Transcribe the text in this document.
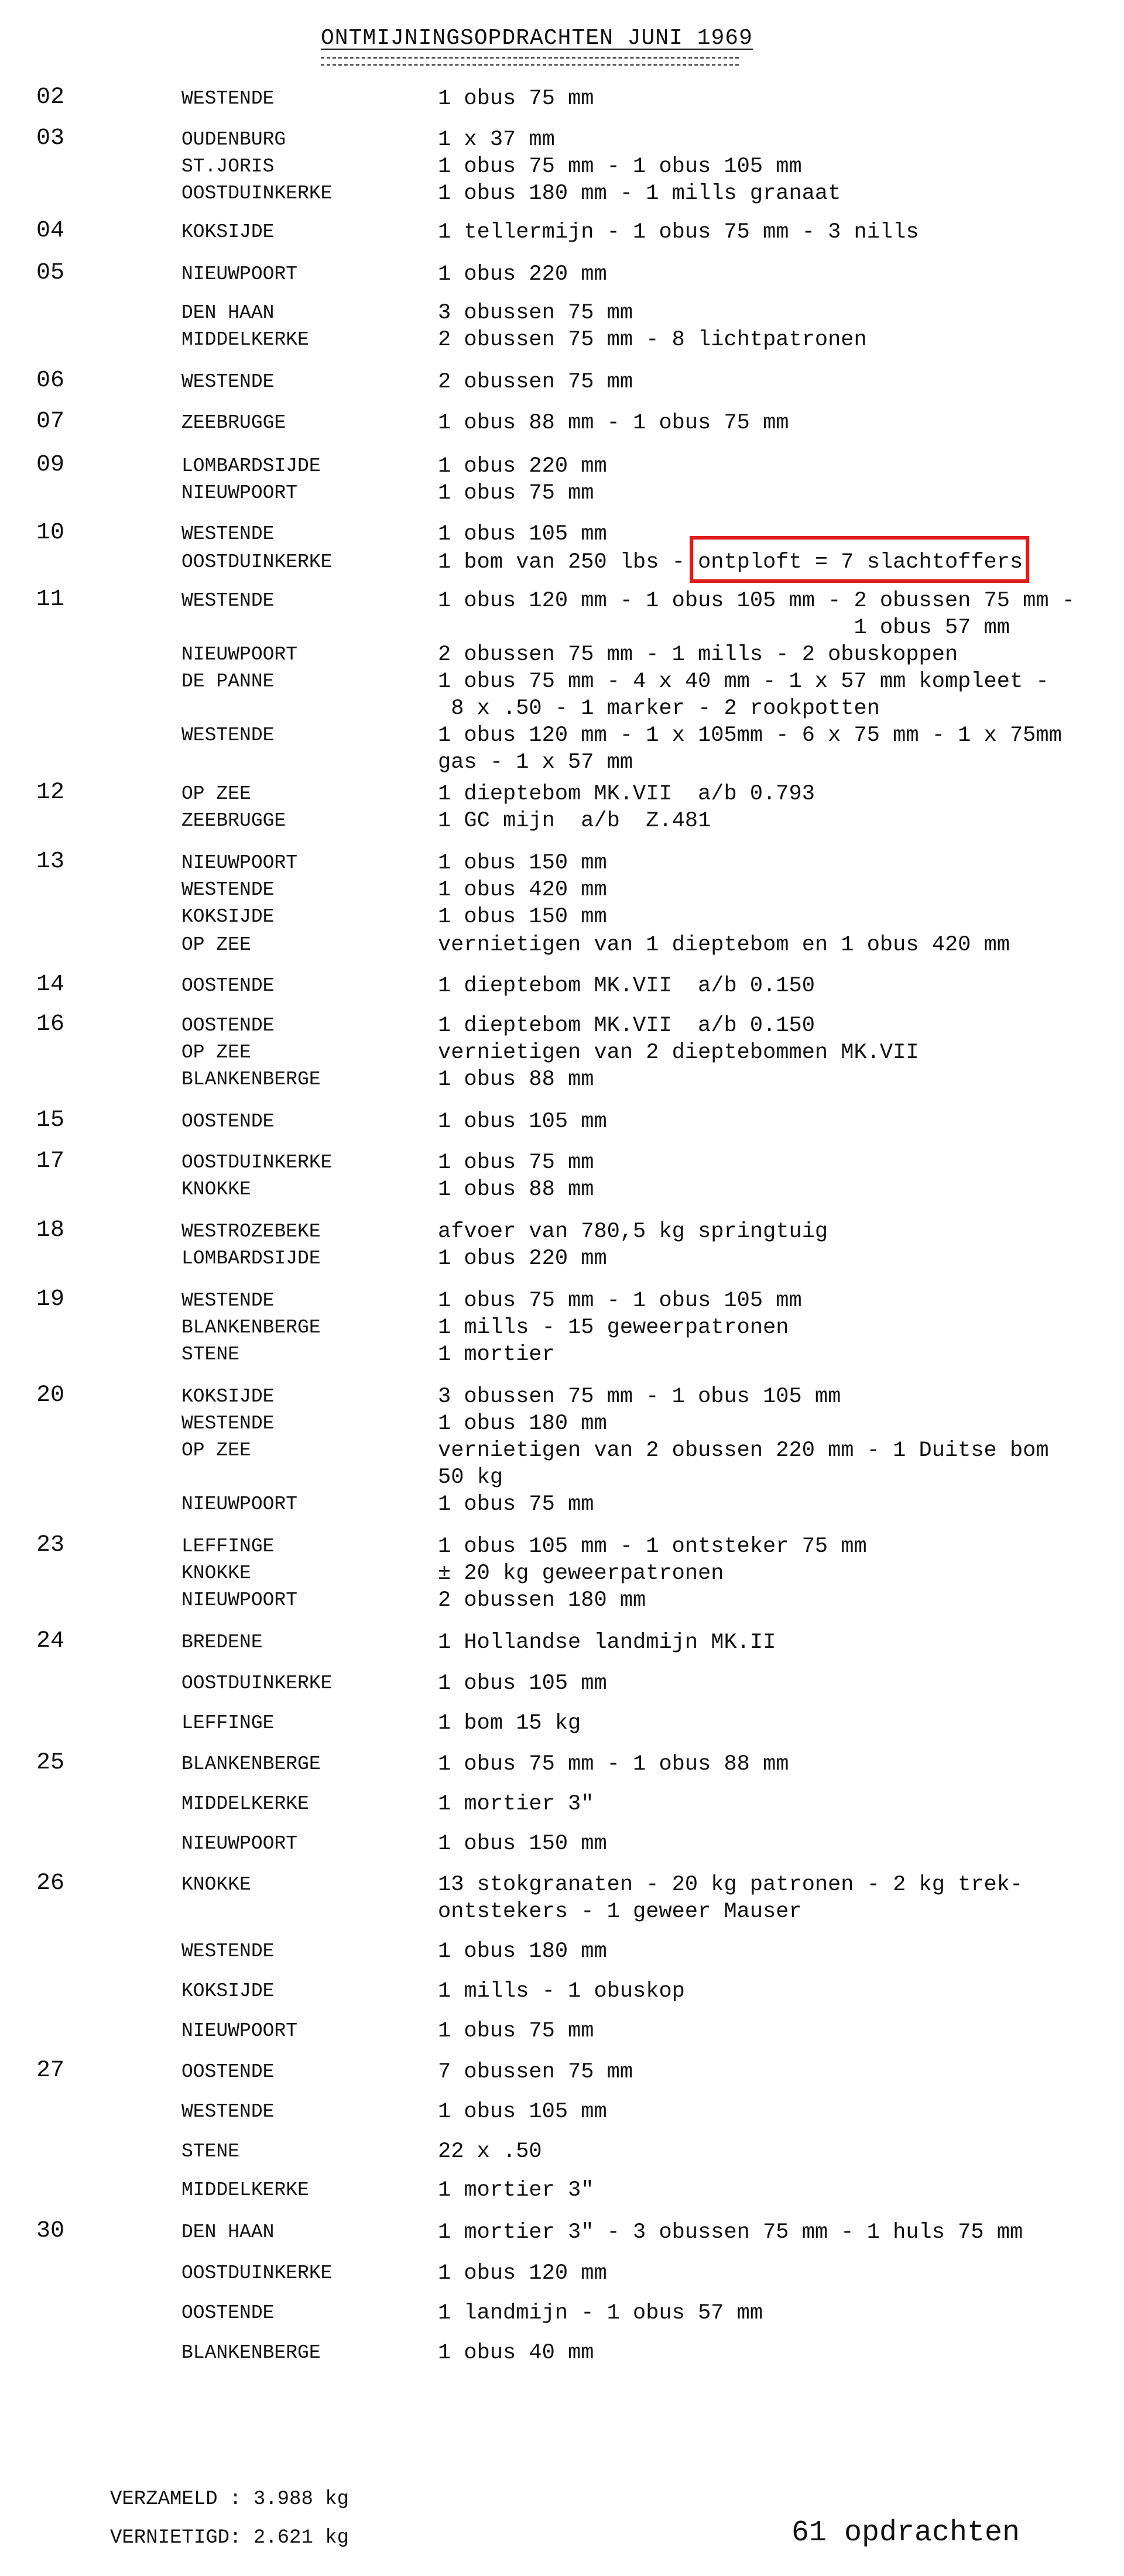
ONTMIJNINGSOPDRACHTEN JUNI 1969
02	WESTENDE	1 obus 75 mm
03	OUDENBURG	1 x 37 mm
ST.JORIS	1 obus 75 mm - 1 obus 105 mm
OOSTDUINKERKE	1 obus 180 mm - 1 mills granaat
04	KOKSIJDE	1 tellermijn - 1 obus 75 mm - 3 nills
05	NIEUWPOORT	1 obus 220 mm
DEN HAAN	3 obussen 75 mm
MIDDELKERKE	2 obussen 75 mm - 8 lichtpatronen
06	WESTENDE	2 obussen 75 mm
07	ZEEBRUGGE	1 obus 88 mm - 1 obus 75 mm
09	LOMBARDSIJDE	1 obus 220 mm
NIEUWPOORT	1 obus 75 mm
10	WESTENDE	1 obus 105 mm
OOSTDUINKERKE	1 bom van 250 lbs - ontploft = 7 slachtoffers
11	WESTENDE	1 obus 120 mm - 1 obus 105 mm - 2 obussen 75 mm -
1 obus 57 mm
NIEUWPOORT	2 obussen 75 mm - 1 mills - 2 obuskoppen
DE PANNE	1 obus 75 mm - 4 x 40 mm - 1 x 57 mm kompleet -
8 x .50 - 1 marker - 2 rookpotten
WESTENDE	1 obus 120 mm - 1 x 105mm - 6 x 75 mm - 1 x 75mm
gas - 1 x 57 mm
12	OP ZEE	1 dieptebom MK.VII  a/b 0.793
ZEEBRUGGE	1 GC mijn  a/b  Z.481
13	NIEUWPOORT	1 obus 150 mm
WESTENDE	1 obus 420 mm
KOKSIJDE	1 obus 150 mm
OP ZEE	vernietigen van 1 dieptebom en 1 obus 420 mm
14	OOSTENDE	1 dieptebom MK.VII  a/b 0.150
16	OOSTENDE	1 dieptebom MK.VII  a/b 0.150
OP ZEE	vernietigen van 2 dieptebommen MK.VII
BLANKENBERGE	1 obus 88 mm
15	OOSTENDE	1 obus 105 mm
17	OOSTDUINKERKE	1 obus 75 mm
KNOKKE	1 obus 88 mm
18	WESTROZEBEKE	afvoer van 780,5 kg springtuig
LOMBARDSIJDE	1 obus 220 mm
19	WESTENDE	1 obus 75 mm - 1 obus 105 mm
BLANKENBERGE	1 mills - 15 geweerpatronen
STENE	1 mortier
20	KOKSIJDE	3 obussen 75 mm - 1 obus 105 mm
WESTENDE	1 obus 180 mm
OP ZEE	vernietigen van 2 obussen 220 mm - 1 Duitse bom
50 kg
NIEUWPOORT	1 obus 75 mm
23	LEFFINGE	1 obus 105 mm - 1 ontsteker 75 mm
KNOKKE	± 20 kg geweerpatronen
NIEUWPOORT	2 obussen 180 mm
24	BREDENE	1 Hollandse landmijn MK.II
OOSTDUINKERKE	1 obus 105 mm
LEFFINGE	1 bom 15 kg
25	BLANKENBERGE	1 obus 75 mm - 1 obus 88 mm
MIDDELKERKE	1 mortier 3"
NIEUWPOORT	1 obus 150 mm
26	KNOKKE	13 stokgranaten - 20 kg patronen - 2 kg trek-
ontstekers - 1 geweer Mauser
WESTENDE	1 obus 180 mm
KOKSIJDE	1 mills - 1 obuskop
NIEUWPOORT	1 obus 75 mm
27	OOSTENDE	7 obussen 75 mm
WESTENDE	1 obus 105 mm
STENE	22 x .50
MIDDELKERKE	1 mortier 3"
30	DEN HAAN	1 mortier 3" - 3 obussen 75 mm - 1 huls 75 mm
OOSTDUINKERKE	1 obus 120 mm
OOSTENDE	1 landmijn - 1 obus 57 mm
BLANKENBERGE	1 obus 40 mm
VERZAMELD : 3.988 kg
VERNIETIGD: 2.621 kg	61 opdrachten
